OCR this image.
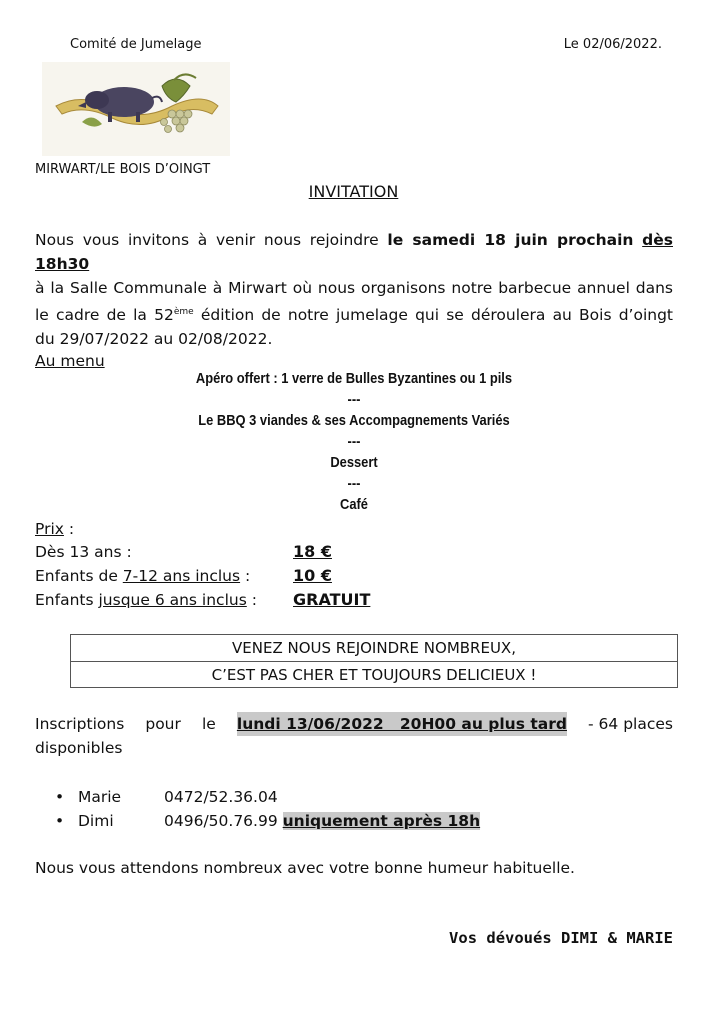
Comité de Jumelage	Le 02/06/2022.
MIRWART/LE BOIS D’OINGT
INVITATION

Nous vous invitons à venir nous rejoindre le samedi 18 juin prochain dès 18h30

à la Salle Communale à Mirwart où nous organisons notre barbecue annuel dans

le cadre de la 52ème édition de notre jumelage qui se déroulera au Bois d’oingt

du 29/07/2022 au 02/08/2022.

Au menu
Apéro offert : 1 verre de Bulles Byzantines ou 1 pils
---
Le BBQ 3 viandes & ses Accompagnements Variés
---
Dessert
---
Café
Prix :
Dès 13 ans :	18 €
Enfants de 7-12 ans inclus :	10 €
Enfants jusque 6 ans inclus : GRATUIT
VENEZ NOUS REJOINDRE NOMBREUX,
C’EST PAS CHER ET TOUJOURS DELICIEUX !
Inscriptions pour le lundi 13/06/2022   20H00 au plus tard - 64 places
disponibles
• Marie	0472/52.36.04
• Dimi	0496/50.76.99 uniquement après 18h
Nous vous attendons nombreux avec votre bonne humeur habituelle.
Vos dévoués DIMI & MARIE
